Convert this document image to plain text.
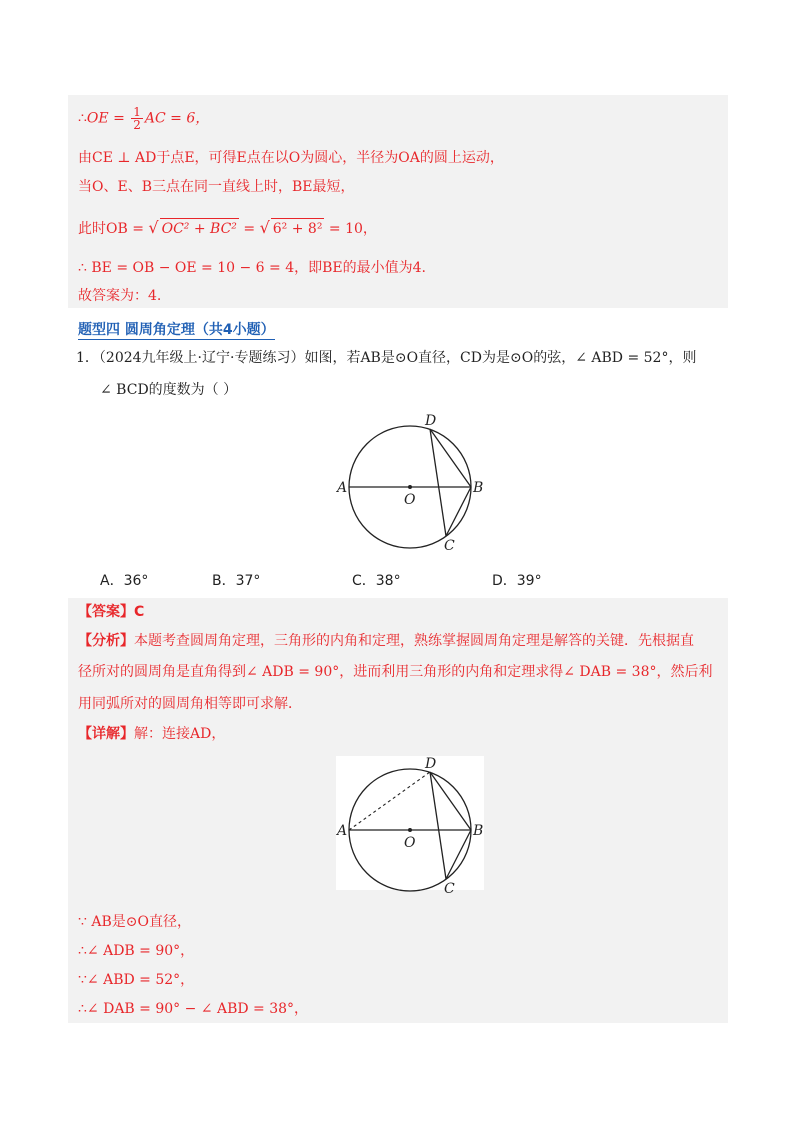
∴OE = $\frac{1}{2}$ AC = 6，
由CE ⊥ AD于点E，可得E点在以O为圆心，半径为OA的圆上运动，
当O、E、B三点在同一直线上时，BE最短，
此时OB = √ OC² + BC² = √ 6² + 8² = 10，
∴ BE = OB − OE = 10 − 6 = 4，即BE的最小值为4.
故答案为：4.
题型四 圆周角定理（共4小题）
1．（2024九年级上·辽宁·专题练习）如图，若AB是⊙O直径，CD为是⊙O的弦，∠ ABD = 52°，则
∠ BCD的度数为（ ）
A	B
D
C
O
A．36°	B．37°	C．38°	D．39°
【答案】C
【分析】本题考查圆周角定理，三角形的内角和定理，熟练掌握圆周角定理是解答的关键．先根据直
径所对的圆周角是直角得到∠ ADB = 90°，进而利用三角形的内角和定理求得∠ DAB = 38°，然后利
用同弧所对的圆周角相等即可求解．
【详解】解：连接AD，
A	B
D
C
O
∵ AB是⊙O直径，
∴∠ ADB = 90°，
∵∠ ABD = 52°，
∴∠ DAB = 90° − ∠ ABD = 38°，
